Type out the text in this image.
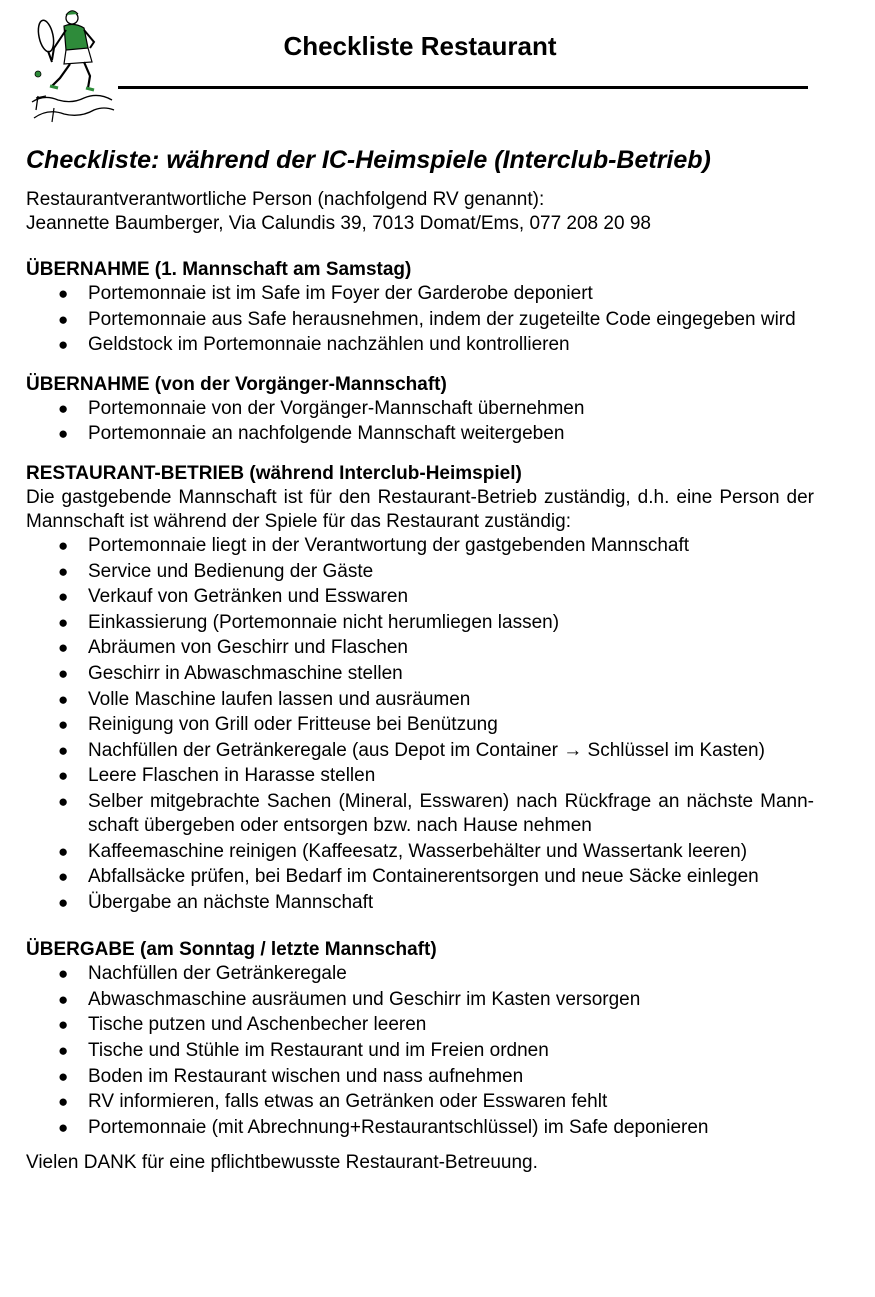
Checkliste Restaurant
Checkliste: während der IC-Heimspiele (Interclub-Betrieb)
Restaurantverantwortliche Person (nachfolgend RV genannt):
Jeannette Baumberger, Via Calundis 39, 7013 Domat/Ems, 077 208 20 98
ÜBERNAHME (1. Mannschaft am Samstag)
● Portemonnaie ist im Safe im Foyer der Garderobe deponiert
● Portemonnaie aus Safe herausnehmen, indem der zugeteilte Code eingegeben wird
● Geldstock im Portemonnaie nachzählen und kontrollieren
ÜBERNAHME (von der Vorgänger-Mannschaft)
● Portemonnaie von der Vorgänger-Mannschaft übernehmen
● Portemonnaie an nachfolgende Mannschaft weitergeben
RESTAURANT-BETRIEB (während Interclub-Heimspiel)
Die gastgebende Mannschaft ist für den Restaurant-Betrieb zuständig, d.h. eine Person der Mannschaft ist während der Spiele für das Restaurant zuständig:
● Portemonnaie liegt in der Verantwortung der gastgebenden Mannschaft
● Service und Bedienung der Gäste
● Verkauf von Getränken und Esswaren
● Einkassierung (Portemonnaie nicht herumliegen lassen)
● Abräumen von Geschirr und Flaschen
● Geschirr in Abwaschmaschine stellen
● Volle Maschine laufen lassen und ausräumen
● Reinigung von Grill oder Fritteuse bei Benützung
● Nachfüllen der Getränkeregale (aus Depot im Container → Schlüssel im Kasten)
● Leere Flaschen in Harasse stellen
● Selber mitgebrachte Sachen (Mineral, Esswaren) nach Rückfrage an nächste Mann-schaft übergeben oder entsorgen bzw. nach Hause nehmen
● Kaffeemaschine reinigen (Kaffeesatz, Wasserbehälter und Wassertank leeren)
● Abfallsäcke prüfen, bei Bedarf im Containerentsorgen und neue Säcke einlegen
● Übergabe an nächste Mannschaft
ÜBERGABE (am Sonntag / letzte Mannschaft)
● Nachfüllen der Getränkeregale
● Abwaschmaschine ausräumen und Geschirr im Kasten versorgen
● Tische putzen und Aschenbecher leeren
● Tische und Stühle im Restaurant und im Freien ordnen
● Boden im Restaurant wischen und nass aufnehmen
● RV informieren, falls etwas an Getränken oder Esswaren fehlt
● Portemonnaie (mit Abrechnung+Restaurantschlüssel) im Safe deponieren
Vielen DANK für eine pflichtbewusste Restaurant-Betreuung.
